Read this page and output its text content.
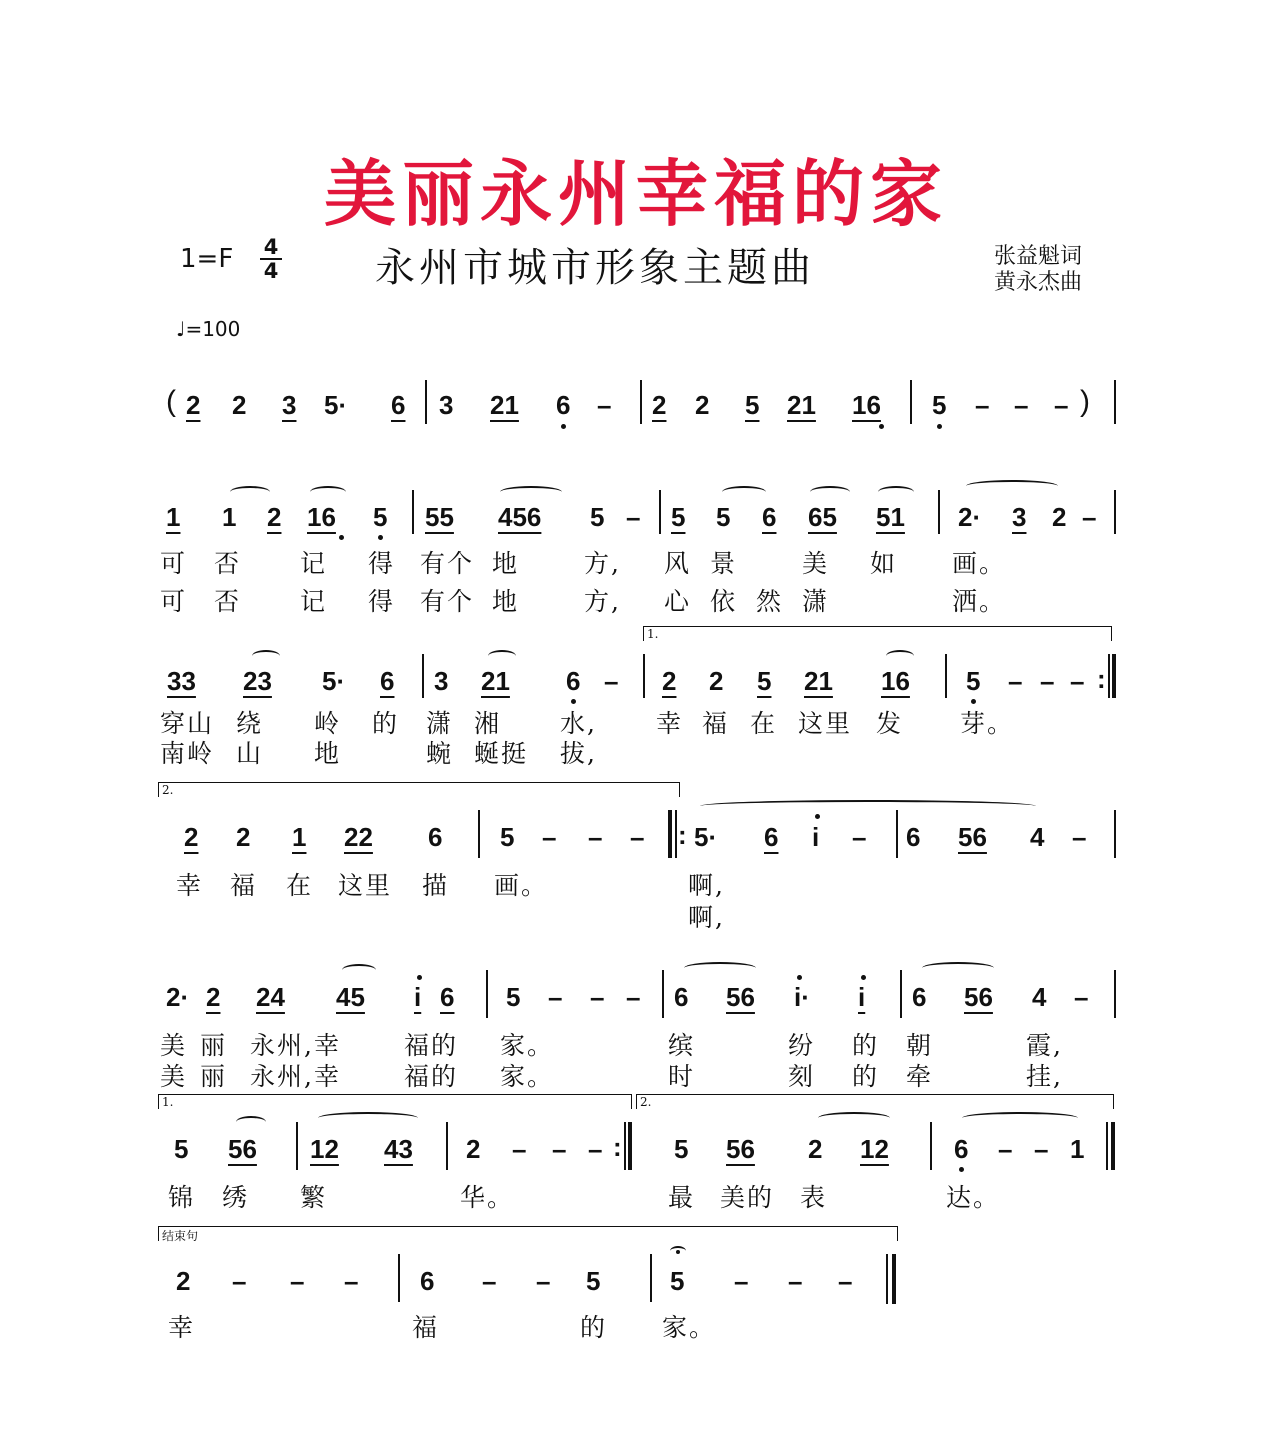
美丽永州幸福的家
1=F 4
4 永州市城市形象主题曲	张益魁词
黄永杰曲
♩=100
( 2 2 3 5· 6 3 21 6 – 2 2 5 21 16 5 – – – )
1 1 2 16 5 55 456 5 – 5 5 6 65 51 2· 3 2 –
可 否 记 得 有个 地	方, 风 景	美 如 画。
可 否 记 得 有个 地	方, 心 依 然 潇	洒。
1.
33 23 5· 6 3 21 6 – 2 2 5 21 16 5 – – – :
穿山 绕 岭 的 潇 湘 水, 幸 福 在 这里 发 芽。
南岭 山 地	蜿 蜒挺 拔,
2.
2 2 1 22 6 5 – – – : 5· 6 i – 6 56 4 –
幸 福 在 这里 描 画。	啊,
啊,
2· 2 24 45 i 6 5 – – – 6 56 i· i 6 56 4 –
美 丽 永州,幸	福的 家。	缤	纷 的 朝	霞,
美 丽 永州,幸	福的 家。	时	刻 的 牵	挂,
1.	2.
5 56 12 43 2 – – – : 5 56 2 12	6 – – 1
锦 绣 繁	华。	最 美的 表	达。
结束句
2 – – – 6 – – 5	5 – – –
幸	福	的 家。
